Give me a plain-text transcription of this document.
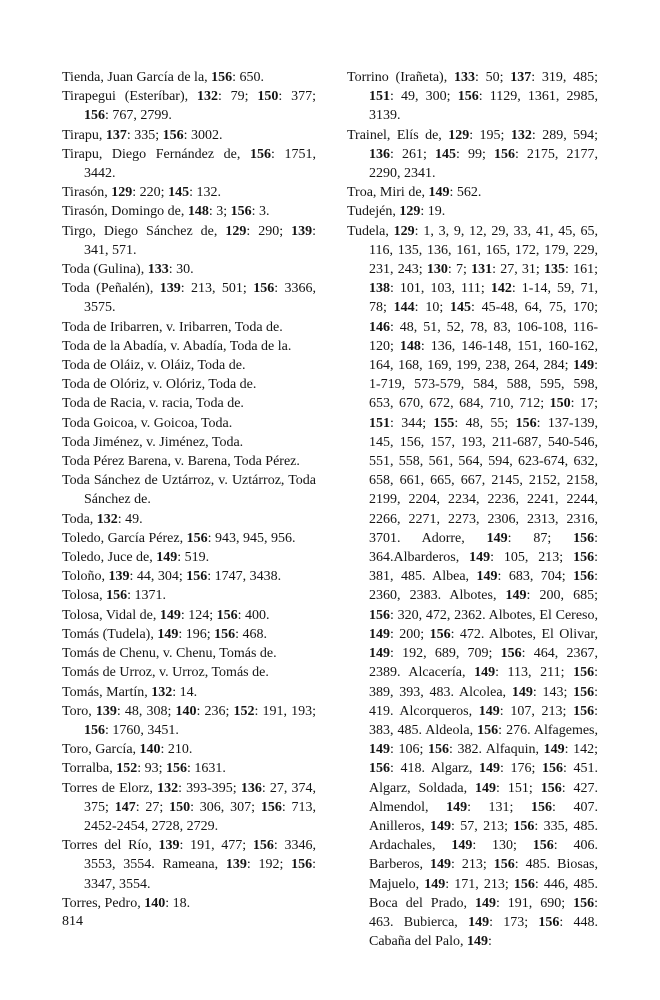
Tienda, Juan García de la, 156: 650.

Tirapegui (Esteríbar), 132: 79; 150: 377; 156: 767, 2799.

Tirapu, 137: 335; 156: 3002.

Tirapu, Diego Fernández de, 156: 1751, 3442.

Tirasón, 129: 220; 145: 132.

Tirasón, Domingo de, 148: 3; 156: 3.

Tirgo, Diego Sánchez de, 129: 290; 139: 341, 571.

Toda (Gulina), 133: 30.

Toda (Peñalén), 139: 213, 501; 156: 3366, 3575.

Toda de Iribarren, v. Iribarren, Toda de.

Toda de la Abadía, v. Abadía, Toda de la.

Toda de Oláiz, v. Oláiz, Toda de.

Toda de Olóriz, v. Olóriz, Toda de.

Toda de Racia, v. racia, Toda de.

Toda Goicoa, v. Goicoa, Toda.

Toda Jiménez, v. Jiménez, Toda.

Toda Pérez Barena, v. Barena, Toda Pérez.

Toda Sánchez de Uztárroz, v. Uztárroz, Toda Sánchez de.

Toda, 132: 49.

Toledo, García Pérez, 156: 943, 945, 956.

Toledo, Juce de, 149: 519.

Toloño, 139: 44, 304; 156: 1747, 3438.

Tolosa, 156: 1371.

Tolosa, Vidal de, 149: 124; 156: 400.

Tomás (Tudela), 149: 196; 156: 468.

Tomás de Chenu, v. Chenu, Tomás de.

Tomás de Urroz, v. Urroz, Tomás de.

Tomás, Martín, 132: 14.

Toro, 139: 48, 308; 140: 236; 152: 191, 193; 156: 1760, 3451.

Toro, García, 140: 210.

Torralba, 152: 93; 156: 1631.

Torres de Elorz, 132: 393-395; 136: 27, 374, 375; 147: 27; 150: 306, 307; 156: 713, 2452-2454, 2728, 2729.

Torres del Río, 139: 191, 477; 156: 3346, 3553, 3554. Rameana, 139: 192; 156: 3347, 3554.

Torres, Pedro, 140: 18.

Torrino (Irañeta), 133: 50; 137: 319, 485; 151: 49, 300; 156: 1129, 1361, 2985, 3139.

Trainel, Elís de, 129: 195; 132: 289, 594; 136: 261; 145: 99; 156: 2175, 2177, 2290, 2341.

Troa, Miri de, 149: 562.

Tudején, 129: 19.

Tudela, 129: 1, 3, 9, 12, 29, 33, 41, 45, 65, 116, 135, 136, 161, 165, 172, 179, 229, 231, 243; 130: 7; 131: 27, 31; 135: 161; 138: 101, 103, 111; 142: 1-14, 59, 71, 78; 144: 10; 145: 45-48, 64, 75, 170; 146: 48, 51, 52, 78, 83, 106-108, 116-120; 148: 136, 146-148, 151, 160-162, 164, 168, 169, 199, 238, 264, 284; 149: 1-719, 573-579, 584, 588, 595, 598, 653, 670, 672, 684, 710, 712; 150: 17; 151: 344; 155: 48, 55; 156: 137-139, 145, 156, 157, 193, 211-687, 540-546, 551, 558, 561, 564, 594, 623-674, 632, 658, 661, 665, 667, 2145, 2152, 2158, 2199, 2204, 2234, 2236, 2241, 2244, 2266, 2271, 2273, 2306, 2313, 2316, 3701. Adorre, 149: 87; 156: 364.Albarderos, 149: 105, 213; 156: 381, 485. Albea, 149: 683, 704; 156: 2360, 2383. Albotes, 149: 200, 685; 156: 320, 472, 2362. Albotes, El Cereso, 149: 200; 156: 472. Albotes, El Olivar, 149: 192, 689, 709; 156: 464, 2367, 2389. Alcacería, 149: 113, 211; 156: 389, 393, 483. Alcolea, 149: 143; 156: 419. Alcorqueros, 149: 107, 213; 156: 383, 485. Aldeola, 156: 276. Alfagemes, 149: 106; 156: 382. Alfaquin, 149: 142; 156: 418. Algarz, 149: 176; 156: 451. Algarz, Soldada, 149: 151; 156: 427. Almendol, 149: 131; 156: 407. Anilleros, 149: 57, 213; 156: 335, 485. Ardachales, 149: 130; 156: 406. Barberos, 149: 213; 156: 485. Biosas, Majuelo, 149: 171, 213; 156: 446, 485. Boca del Prado, 149: 191, 690; 156: 463. Bubierca, 149: 173; 156: 448. Cabaña del Palo, 149:

814
